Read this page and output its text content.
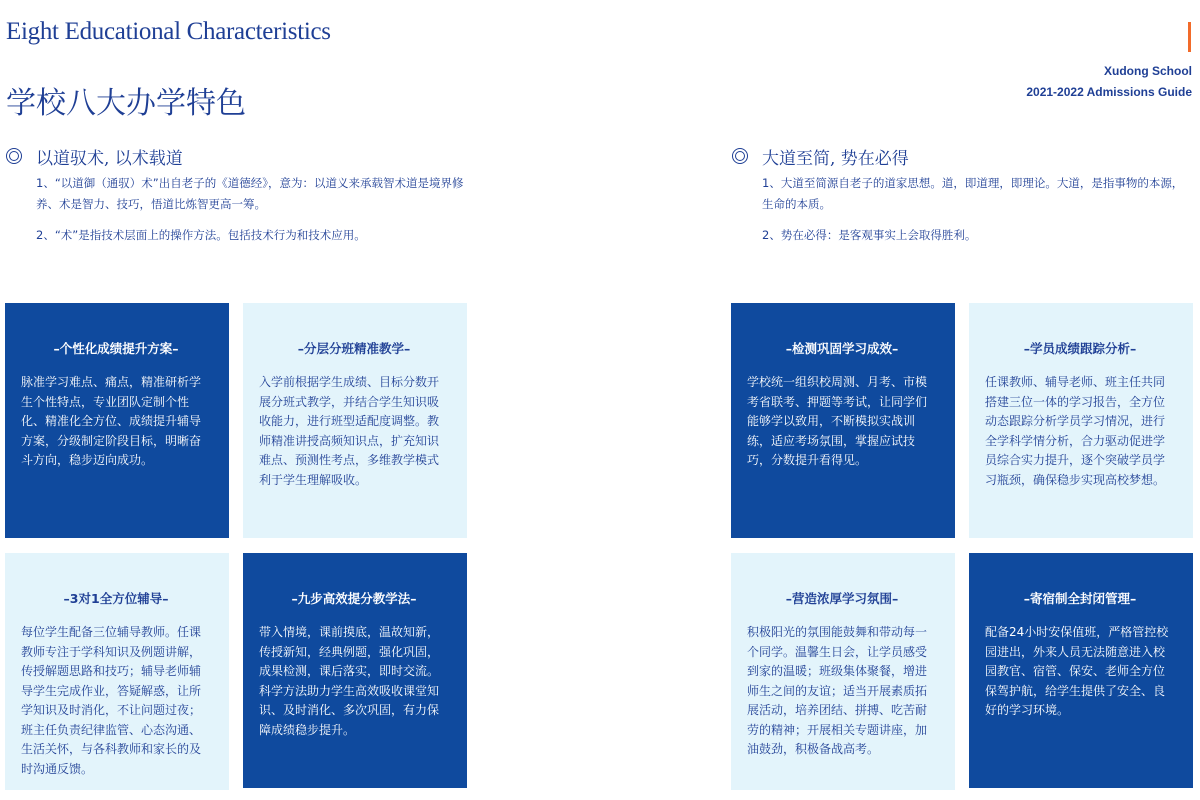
Eight Educational Characteristics
学校八大办学特色
Xudong School
2021-2022 Admissions Guide
以道驭术, 以术载道

1、“以道御（通驭）术”出自老子的《道德经》，意为：以道义来承载智术道是境界修养、术是智力、技巧，悟道比炼智更高一筹。

2、“术”是指技术层面上的操作方法。包括技术行为和技术应用。

大道至简, 势在必得

1、大道至简源自老子的道家思想。道，即道理，即理论。大道，是指事物的本源，生命的本质。

2、势在必得：是客观事实上会取得胜利。

–个性化成绩提升方案–
脉准学习难点、痛点，精准研析学生个性特点，专业团队定制个性化、精准化全方位、成绩提升辅导方案，分级制定阶段目标，明晰奋斗方向，稳步迈向成功。
–分层分班精准教学–
入学前根据学生成绩、目标分数开展分班式教学，并结合学生知识吸收能力，进行班型适配度调整。教师精准讲授高频知识点，扩充知识难点、预测性考点，多维教学模式利于学生理解吸收。
–3对1全方位辅导–
每位学生配备三位辅导教师。任课教师专注于学科知识及例题讲解，传授解题思路和技巧；辅导老师辅导学生完成作业，答疑解惑，让所学知识及时消化，不让问题过夜；班主任负责纪律监管、心态沟通、生活关怀，与各科教师和家长的及时沟通反馈。
–九步高效提分教学法–
带入情境，课前摸底，温故知新，传授新知，经典例题，强化巩固，成果检测，课后落实，即时交流。科学方法助力学生高效吸收课堂知识、及时消化、多次巩固，有力保障成绩稳步提升。
–检测巩固学习成效–
学校统一组织校周测、月考、市模考省联考、押题等考试，让同学们能够学以致用，不断模拟实战训练，适应考场氛围，掌握应试技巧，分数提升看得见。
–学员成绩跟踪分析–
任课教师、辅导老师、班主任共同搭建三位一体的学习报告，全方位动态跟踪分析学员学习情况，进行全学科学情分析，合力驱动促进学员综合实力提升，逐个突破学员学习瓶颈，确保稳步实现高校梦想。
–营造浓厚学习氛围–
积极阳光的氛围能鼓舞和带动每一个同学。温馨生日会，让学员感受到家的温暖；班级集体聚餐，增进师生之间的友谊；适当开展素质拓展活动，培养团结、拼搏、吃苦耐劳的精神；开展相关专题讲座，加油鼓劲，积极备战高考。
–寄宿制全封闭管理–
配备24小时安保值班，严格管控校园进出，外来人员无法随意进入校园教官、宿管、保安、老师全方位保驾护航，给学生提供了安全、良好的学习环境。
